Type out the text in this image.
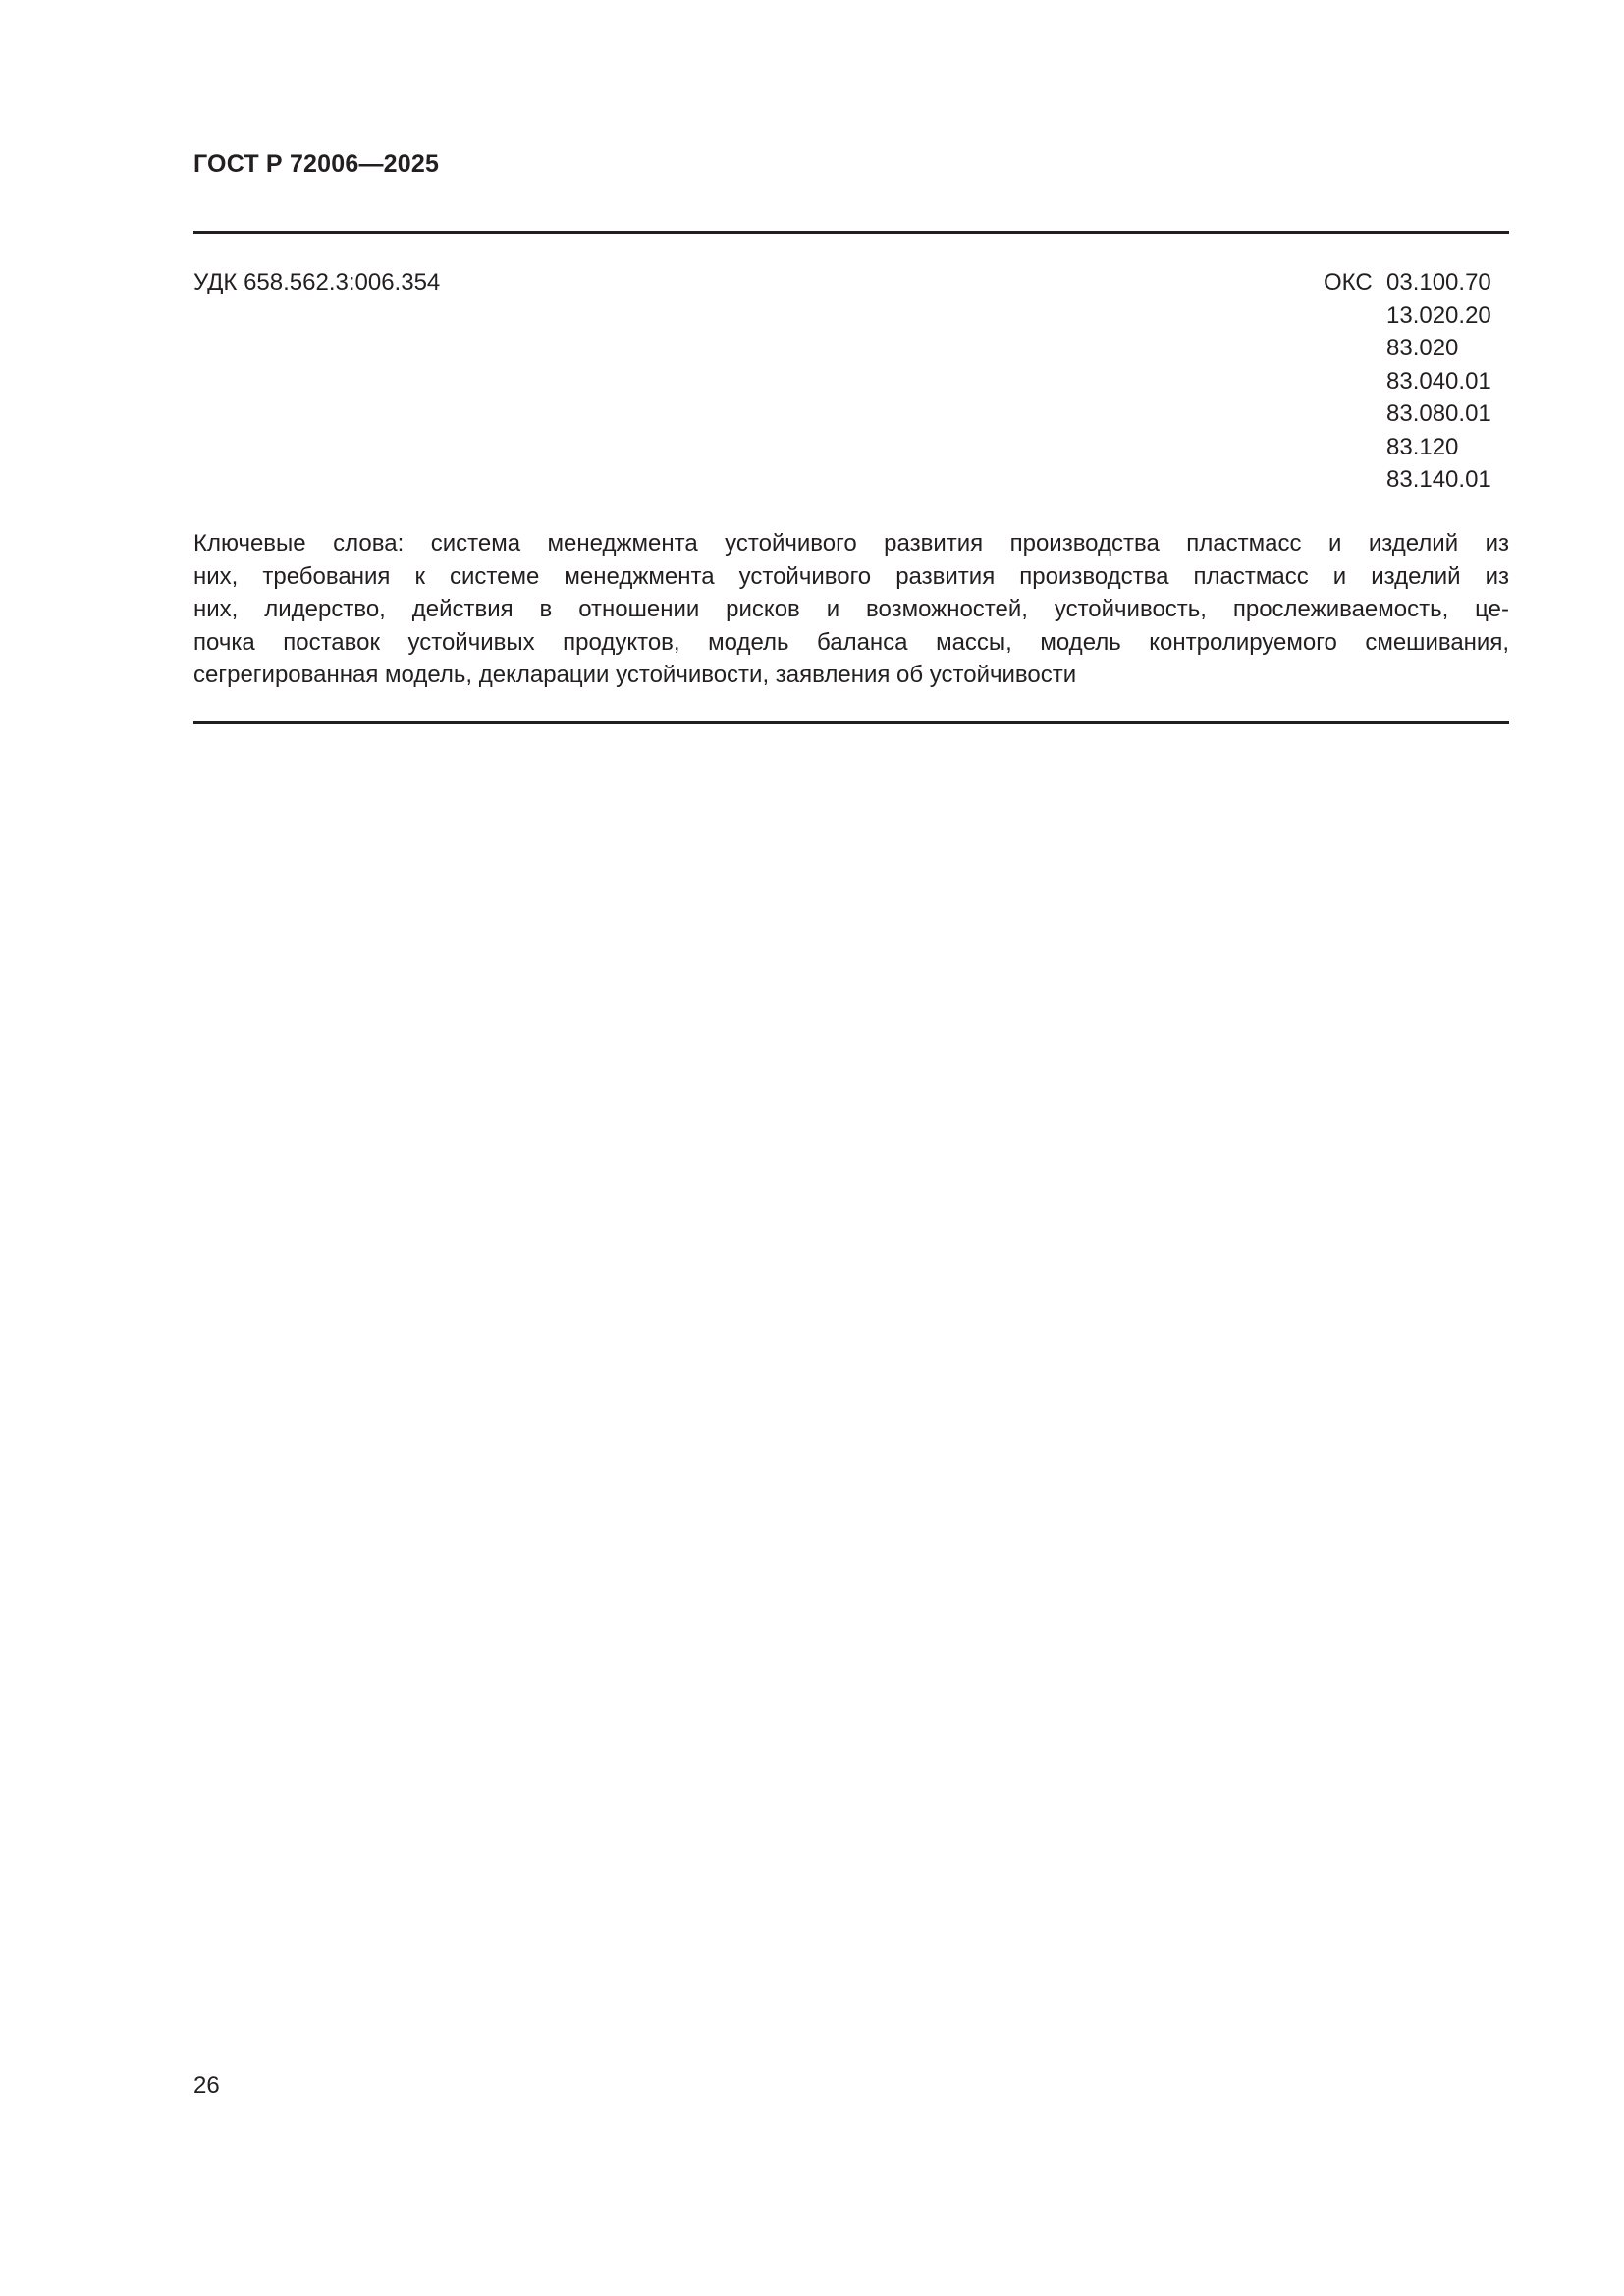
ГОСТ Р 72006—2025
УДК 658.562.3:006.354	ОКС 03.100.70
13.020.20
83.020
83.040.01
83.080.01
83.120
83.140.01
Ключевые слова: система менеджмента устойчивого развития производства пластмасс и изделий из
них, требования к системе менеджмента устойчивого развития производства пластмасс и изделий из
них, лидерство, действия в отношении рисков и возможностей, устойчивость, прослеживаемость, це-
почка поставок устойчивых продуктов, модель баланса массы, модель контролируемого смешивания,
сегрегированная модель, декларации устойчивости, заявления об устойчивости
26
